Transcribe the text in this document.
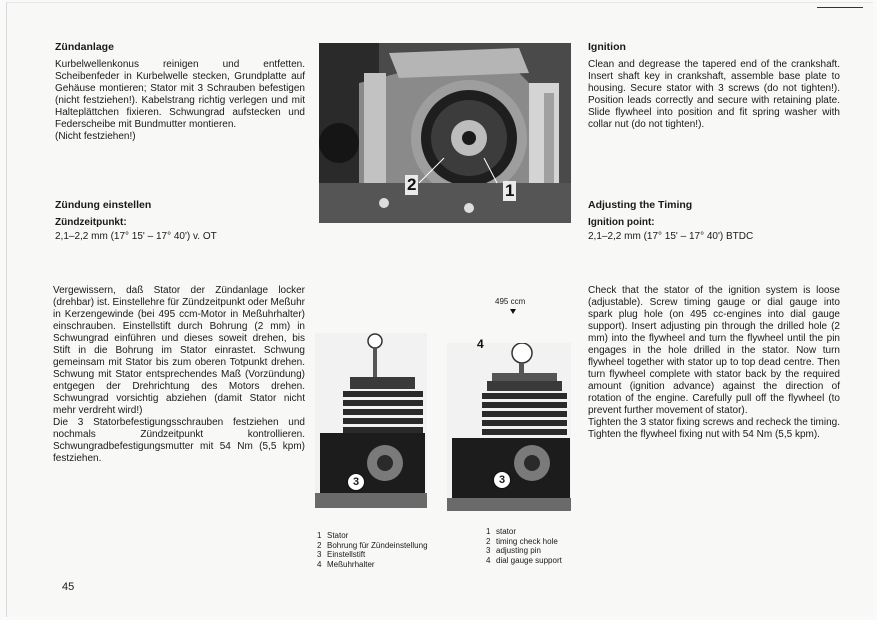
Zündanlage

Kurbelwellenkonus reinigen und entfetten. Scheibenfeder in Kurbelwelle stecken, Grundplatte auf Gehäuse montieren; Stator mit 3 Schrauben befestigen (nicht festziehen!). Kabelstrang richtig verlegen und mit Halteplättchen fixieren. Schwungrad aufstecken und Federscheibe mit Bundmutter montieren.

(Nicht festziehen!)

Ignition

Clean and degrease the tapered end of the crankshaft. Insert shaft key in crankshaft, assemble base plate to housing. Secure stator with 3 screws (do not tighten!). Position leads correctly and secure with retaining plate. Slide flywheel into position and fit spring washer with collar nut (do not tighten!).

Zündung einstellen

Zündzeitpunkt:

2,1–2,2 mm (17° 15' – 17° 40') v. OT

Adjusting the Timing

Ignition point:

2,1–2,2 mm (17° 15' – 17° 40') BTDC

Vergewissern, daß Stator der Zündanlage locker (drehbar) ist. Einstellehre für Zündzeitpunkt oder Meßuhr in Kerzengewinde (bei 495 ccm-Motor in Meßuhrhalter) einschrauben. Einstellstift durch Bohrung (2 mm) in Schwungrad einführen und dieses soweit drehen, bis Stift in die Bohrung im Stator einrastet. Schwung gemeinsam mit Stator bis zum oberen Totpunkt drehen. Schwung mit Stator entsprechendes Maß (Vorzündung) entgegen der Drehrichtung des Motors drehen. Schwungrad vorsichtig abziehen (damit Stator nicht mehr verdreht wird!)

Die 3 Statorbefestigungsschrauben festziehen und nochmals Zündzeitpunkt kontrollieren. Schwungradbefestigungsmutter mit 54 Nm (5,5 kpm) festziehen.

Check that the stator of the ignition system is loose (adjustable). Screw timing gauge or dial gauge into spark plug hole (on 495 cc-engines into dial gauge support). Insert adjusting pin through the drilled hole (2 mm) into the flywheel and turn the flywheel until the pin engages in the hole drilled in the stator. Now turn flywheel together with stator up to top dead centre. Then turn flywheel complete with stator back by the required amount (ignition advance) against the direction of rotation of the engine. Carefully pull off the flywheel (to prevent further movement of stator).

Tighten the 3 stator fixing screws and recheck the timing. Tighten the flywheel fixing nut with 54 Nm (5,5 kpm).

2	1
3	3
495 ccm
4
1 Stator
2 Bohrung für Zündeinstellung
3 Einstellstift
4 Meßuhrhalter
1 stator
2 timing check hole
3 adjusting pin
4 dial gauge support
45
